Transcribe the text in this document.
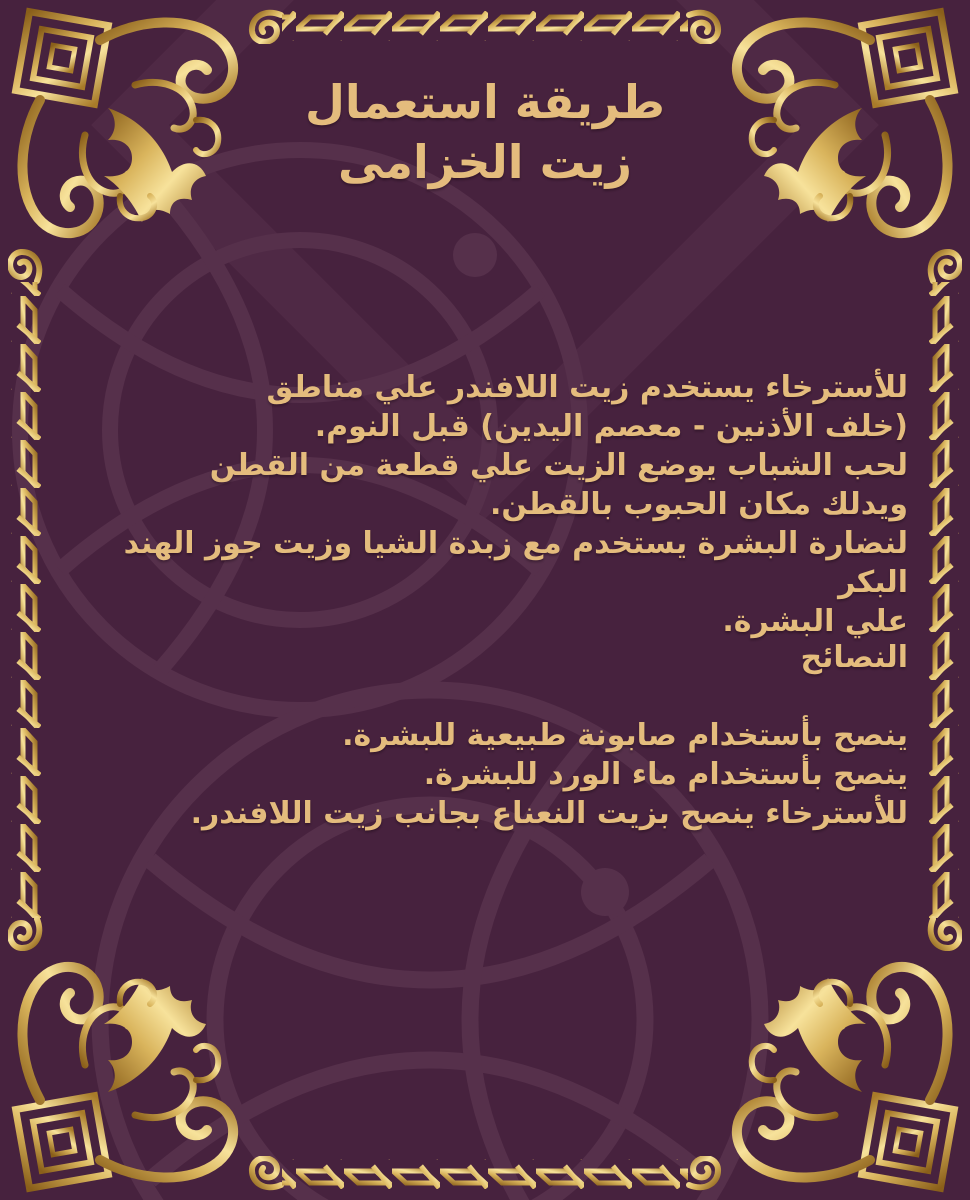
طريقة استعمال
زيت الخزامى
للأسترخاء يستخدم زيت اللافندر علي مناطق
(خلف الأذنين - معصم اليدين) قبل النوم.
لحب الشباب يوضع الزيت علي قطعة من القطن
ويدلك مكان الحبوب بالقطن.
لنضارة البشرة يستخدم مع زبدة الشيا وزيت جوز الهند البكر
علي البشرة.
النصائح
ينصح بأستخدام صابونة طبيعية للبشرة.
ينصح بأستخدام ماء الورد للبشرة.
للأسترخاء ينصح بزيت النعناع بجانب زيت اللافندر.
